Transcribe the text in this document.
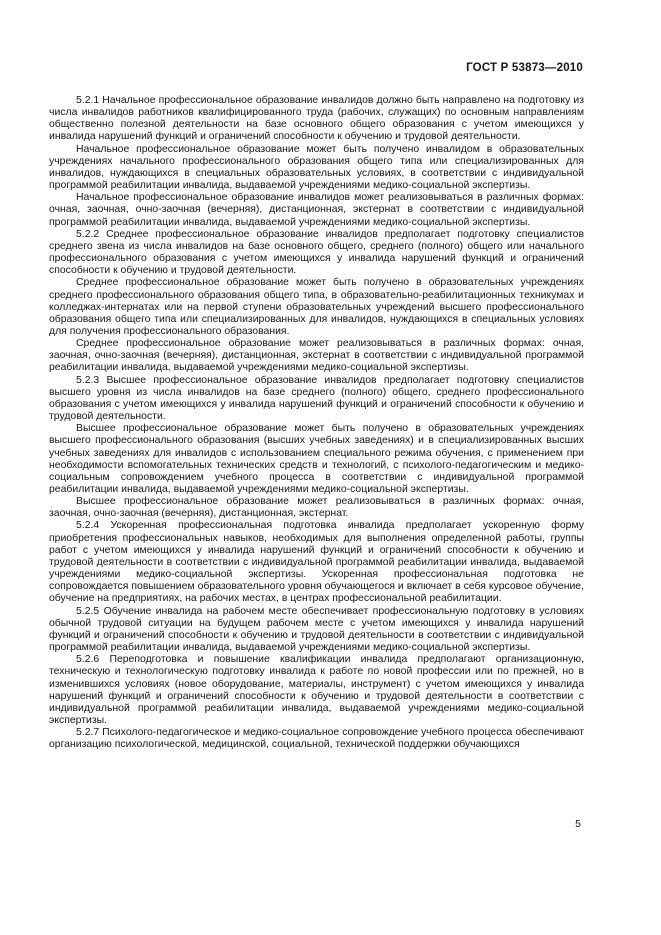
ГОСТ Р 53873—2010

5.2.1 Начальное профессиональное образование инвалидов должно быть направлено на подготовку из числа инвалидов работников квалифицированного труда (рабочих, служащих) по основным направлениям общественно полезной деятельности на базе основного общего образования с учетом имеющихся у инвалида нарушений функций и ограничений способности к обучению и трудовой деятельности.

Начальное профессиональное образование может быть получено инвалидом в образовательных учреждениях начального профессионального образования общего типа или специализированных для инвалидов, нуждающихся в специальных образовательных условиях, в соответствии с индивидуальной программой реабилитации инвалида, выдаваемой учреждениями медико-социальной экспертизы.

Начальное профессиональное образование инвалидов может реализовываться в различных формах: очная, заочная, очно-заочная (вечерняя), дистанционная, экстернат в соответствии с индивидуальной программой реабилитации инвалида, выдаваемой учреждениями медико-социальной экспертизы.

5.2.2 Среднее профессиональное образование инвалидов предполагает подготовку специалистов среднего звена из числа инвалидов на базе основного общего, среднего (полного) общего или начального профессионального образования с учетом имеющихся у инвалида нарушений функций и ограничений способности к обучению и трудовой деятельности.

Среднее профессиональное образование может быть получено в образовательных учреждениях среднего профессионального образования общего типа, в образовательно-реабилитационных техникумах и колледжах-интернатах или на первой ступени образовательных учреждений высшего профессионального образования общего типа или специализированных для инвалидов, нуждающихся в специальных условиях для получения профессионального образования.

Среднее профессиональное образование может реализовываться в различных формах: очная, заочная, очно-заочная (вечерняя), дистанционная, экстернат в соответствии с индивидуальной программой реабилитации инвалида, выдаваемой учреждениями медико-социальной экспертизы.

5.2.3 Высшее профессиональное образование инвалидов предполагает подготовку специалистов высшего уровня из числа инвалидов на базе среднего (полного) общего, среднего профессионального образования с учетом имеющихся у инвалида нарушений функций и ограничений способности к обучению и трудовой деятельности.

Высшее профессиональное образование может быть получено в образовательных учреждениях высшего профессионального образования (высших учебных заведениях) и в специализированных высших учебных заведениях для инвалидов с использованием специального режима обучения, с применением при необходимости вспомогательных технических средств и технологий, с психолого-педагогическим и медико-социальным сопровождением учебного процесса в соответствии с индивидуальной программой реабилитации инвалида, выдаваемой учреждениями медико-социальной экспертизы.

Высшее профессиональное образование может реализовываться в различных формах: очная, заочная, очно-заочная (вечерняя), дистанционная, экстернат.

5.2.4 Ускоренная профессиональная подготовка инвалида предполагает ускоренную форму приобретения профессиональных навыков, необходимых для выполнения определенной работы, группы работ с учетом имеющихся у инвалида нарушений функций и ограничений способности к обучению и трудовой деятельности в соответствии с индивидуальной программой реабилитации инвалида, выдаваемой учреждениями медико-социальной экспертизы. Ускоренная профессиональная подготовка не сопровождается повышением образовательного уровня обучающегося и включает в себя курсовое обучение, обучение на предприятиях, на рабочих местах, в центрах профессиональной реабилитации.

5.2.5 Обучение инвалида на рабочем месте обеспечивает профессиональную подготовку в условиях обычной трудовой ситуации на будущем рабочем месте с учетом имеющихся у инвалида нарушений функций и ограничений способности к обучению и трудовой деятельности в соответствии с индивидуальной программой реабилитации инвалида, выдаваемой учреждениями медико-социальной экспертизы.

5.2.6 Переподготовка и повышение квалификации инвалида предполагают организационную, техническую и технологическую подготовку инвалида к работе по новой профессии или по прежней, но в изменившихся условиях (новое оборудование, материалы, инструмент) с учетом имеющихся у инвалида нарушений функций и ограничений способности к обучению и трудовой деятельности в соответствии с индивидуальной программой реабилитации инвалида, выдаваемой учреждениями медико-социальной экспертизы.

5.2.7 Психолого-педагогическое и медико-социальное сопровождение учебного процесса обеспечивают организацию психологической, медицинской, социальной, технической поддержки обучающихся

5
